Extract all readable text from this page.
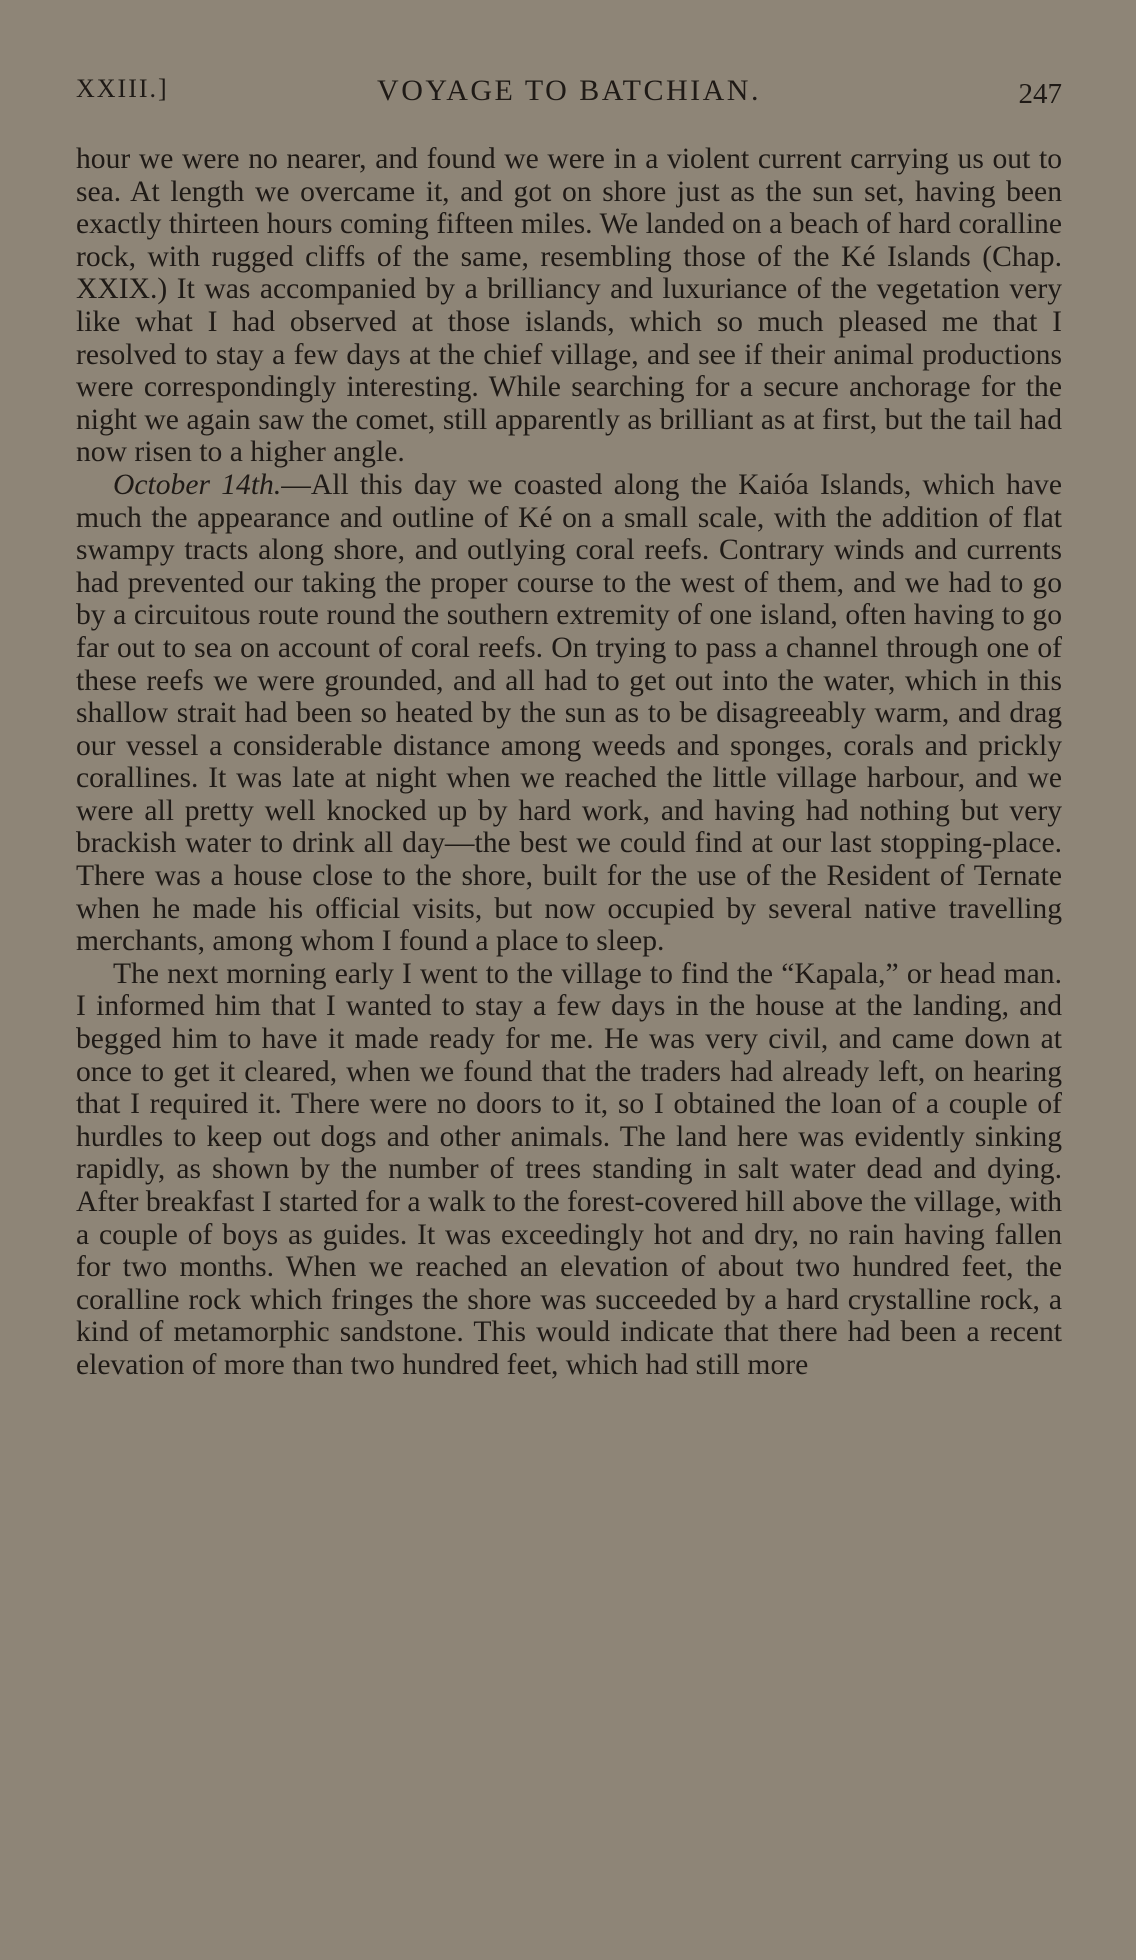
XXIII.]	VOYAGE TO BATCHIAN.	247

hour we were no nearer, and found we were in a violent current carrying us out to sea. At length we overcame it, and got on shore just as the sun set, having been exactly thirteen hours coming fifteen miles. We landed on a beach of hard coralline rock, with rugged cliffs of the same, resembling those of the Ké Islands (Chap. XXIX.) It was accompanied by a brilliancy and luxuriance of the vegetation very like what I had observed at those islands, which so much pleased me that I resolved to stay a few days at the chief village, and see if their animal productions were correspondingly interesting. While searching for a secure anchorage for the night we again saw the comet, still apparently as brilliant as at first, but the tail had now risen to a higher angle.

October 14th.—All this day we coasted along the Kaióa Islands, which have much the appearance and outline of Ké on a small scale, with the addition of flat swampy tracts along shore, and outlying coral reefs. Contrary winds and currents had prevented our taking the proper course to the west of them, and we had to go by a circuitous route round the southern extremity of one island, often having to go far out to sea on account of coral reefs. On trying to pass a channel through one of these reefs we were grounded, and all had to get out into the water, which in this shallow strait had been so heated by the sun as to be disagreeably warm, and drag our vessel a considerable distance among weeds and sponges, corals and prickly corallines. It was late at night when we reached the little village harbour, and we were all pretty well knocked up by hard work, and having had nothing but very brackish water to drink all day—the best we could find at our last stopping-place. There was a house close to the shore, built for the use of the Resident of Ternate when he made his official visits, but now occupied by several native travelling merchants, among whom I found a place to sleep.

The next morning early I went to the village to find the “Kapala,” or head man. I informed him that I wanted to stay a few days in the house at the landing, and begged him to have it made ready for me. He was very civil, and came down at once to get it cleared, when we found that the traders had already left, on hearing that I required it. There were no doors to it, so I obtained the loan of a couple of hurdles to keep out dogs and other animals. The land here was evidently sinking rapidly, as shown by the number of trees standing in salt water dead and dying. After breakfast I started for a walk to the forest-covered hill above the village, with a couple of boys as guides. It was exceedingly hot and dry, no rain having fallen for two months. When we reached an elevation of about two hundred feet, the coralline rock which fringes the shore was succeeded by a hard crystalline rock, a kind of metamorphic sandstone. This would indicate that there had been a recent elevation of more than two hundred feet, which had still more
